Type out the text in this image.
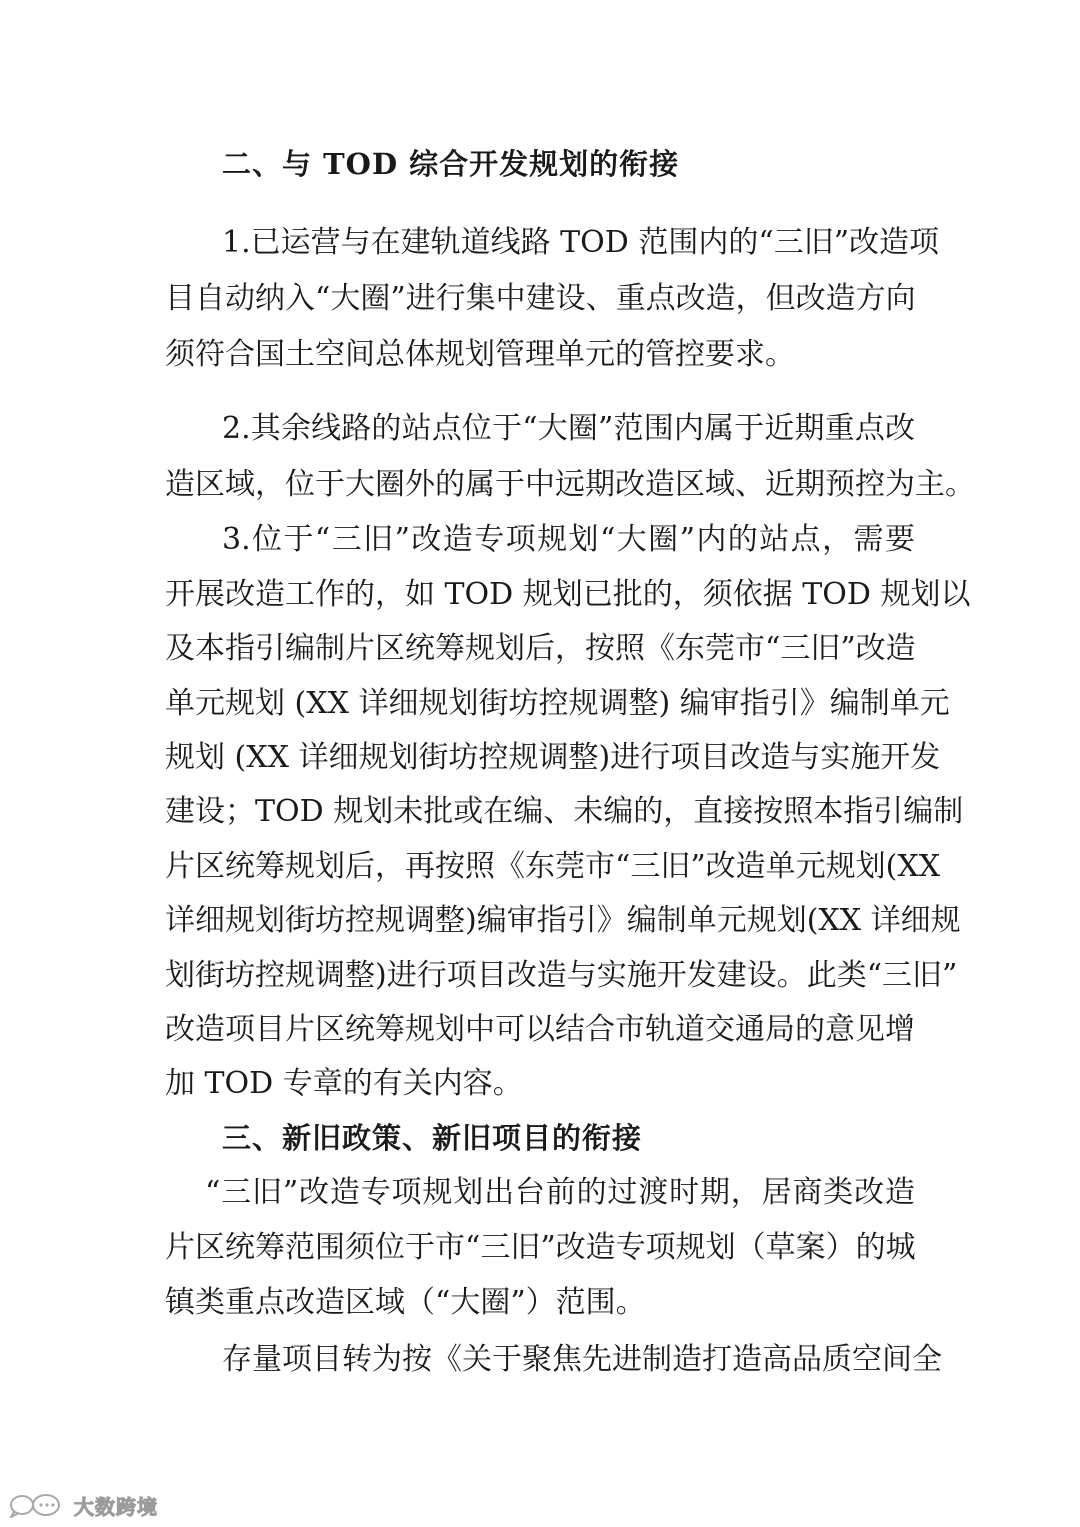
二、与 TOD 综合开发规划的衔接
1.已运营与在建轨道线路 TOD 范围内的“三旧”改造项
目自动纳入“大圈”进行集中建设、重点改造，但改造方向
须符合国土空间总体规划管理单元的管控要求。
2.其余线路的站点位于“大圈”范围内属于近期重点改
造区域，位于大圈外的属于中远期改造区域、近期预控为主。
3.位于“三旧”改造专项规划“大圈”内的站点，需要
开展改造工作的，如 TOD 规划已批的，须依据 TOD 规划以
及本指引编制片区统筹规划后，按照《东莞市“三旧”改造
单元规划 (XX 详细规划街坊控规调整) 编审指引》编制单元
规划 (XX 详细规划街坊控规调整)进行项目改造与实施开发
建设；TOD 规划未批或在编、未编的，直接按照本指引编制
片区统筹规划后，再按照《东莞市“三旧”改造单元规划(XX
详细规划街坊控规调整)编审指引》编制单元规划(XX 详细规
划街坊控规调整)进行项目改造与实施开发建设。此类“三旧”
改造项目片区统筹规划中可以结合市轨道交通局的意见增
加 TOD 专章的有关内容。
三、新旧政策、新旧项目的衔接
“三旧”改造专项规划出台前的过渡时期，居商类改造
片区统筹范围须位于市“三旧”改造专项规划（草案）的城
镇类重点改造区域（“大圈”）范围。
存量项目转为按《关于聚焦先进制造打造高品质空间全
大数跨境
